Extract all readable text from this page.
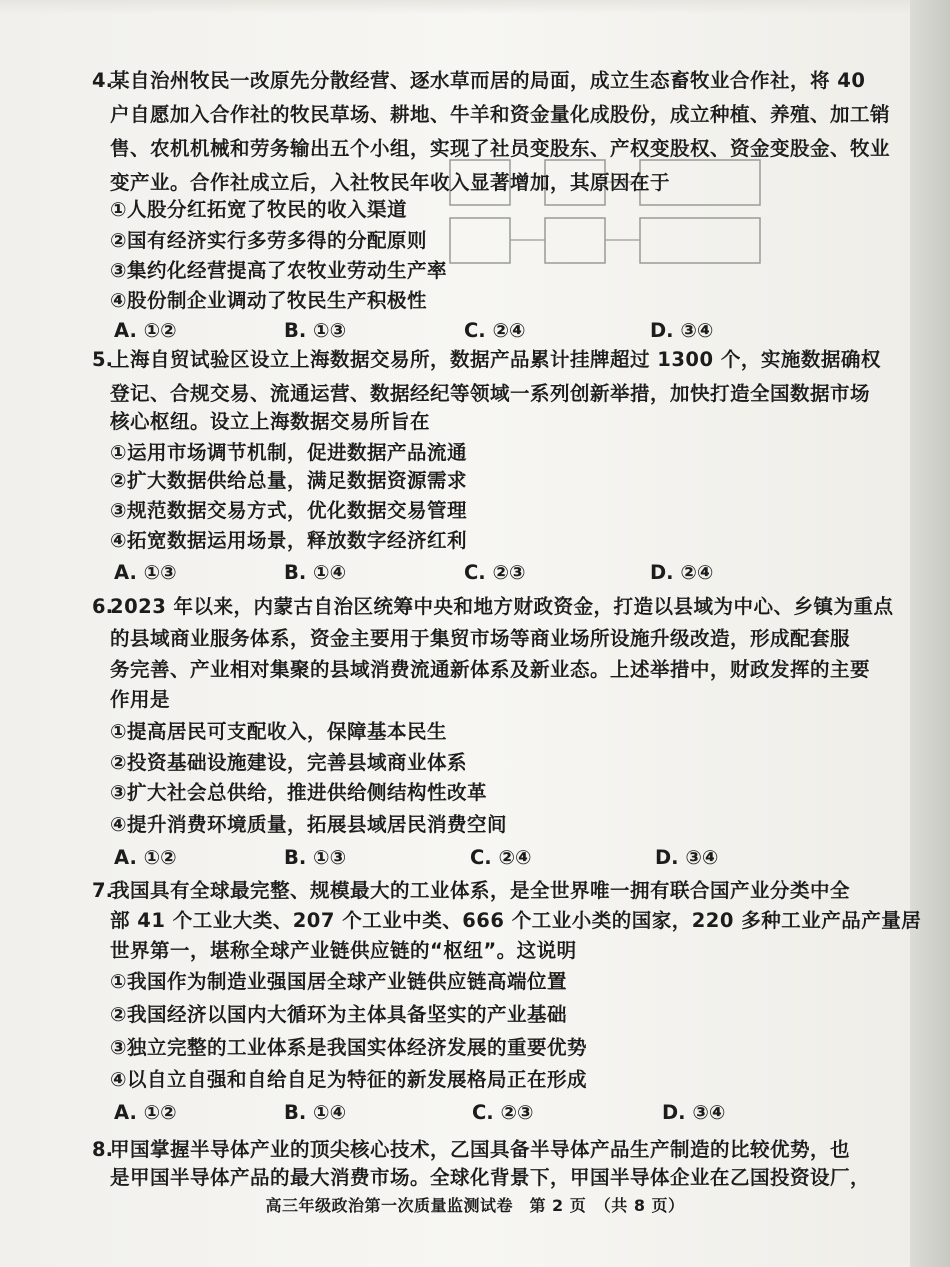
4.
某自治州牧民一改原先分散经营、逐水草而居的局面，成立生态畜牧业合作社，将 40
户自愿加入合作社的牧民草场、耕地、牛羊和资金量化成股份，成立种植、养殖、加工销
售、农机机械和劳务输出五个小组，实现了社员变股东、产权变股权、资金变股金、牧业
变产业。合作社成立后，入社牧民年收入显著增加，其原因在于
①人股分红拓宽了牧民的收入渠道
②国有经济实行多劳多得的分配原则
③集约化经营提高了农牧业劳动生产率
④股份制企业调动了牧民生产积极性
A. ①②	B. ①③	C. ②④	D. ③④
5.
上海自贸试验区设立上海数据交易所，数据产品累计挂牌超过 1300 个，实施数据确权
登记、合规交易、流通运营、数据经纪等领域一系列创新举措，加快打造全国数据市场
核心枢纽。设立上海数据交易所旨在
①运用市场调节机制，促进数据产品流通
②扩大数据供给总量，满足数据资源需求
③规范数据交易方式，优化数据交易管理
④拓宽数据运用场景，释放数字经济红利
A. ①③	B. ①④	C. ②③	D. ②④
6.
2023 年以来，内蒙古自治区统筹中央和地方财政资金，打造以县域为中心、乡镇为重点
的县域商业服务体系，资金主要用于集贸市场等商业场所设施升级改造，形成配套服
务完善、产业相对集聚的县域消费流通新体系及新业态。上述举措中，财政发挥的主要
作用是
①提高居民可支配收入，保障基本民生
②投资基础设施建设，完善县域商业体系
③扩大社会总供给，推进供给侧结构性改革
④提升消费环境质量，拓展县域居民消费空间
A. ①②	B. ①③	C. ②④	D. ③④
7.
我国具有全球最完整、规模最大的工业体系，是全世界唯一拥有联合国产业分类中全
部 41 个工业大类、207 个工业中类、666 个工业小类的国家，220 多种工业产品产量居
世界第一，堪称全球产业链供应链的“枢纽”。这说明
①我国作为制造业强国居全球产业链供应链高端位置
②我国经济以国内大循环为主体具备坚实的产业基础
③独立完整的工业体系是我国实体经济发展的重要优势
④以自立自强和自给自足为特征的新发展格局正在形成
A. ①②	B. ①④	C. ②③	D. ③④
8.
甲国掌握半导体产业的顶尖核心技术，乙国具备半导体产品生产制造的比较优势，也
是甲国半导体产品的最大消费市场。全球化背景下，甲国半导体企业在乙国投资设厂，
高三年级政治第一次质量监测试卷　第 2 页　（共 8 页）
